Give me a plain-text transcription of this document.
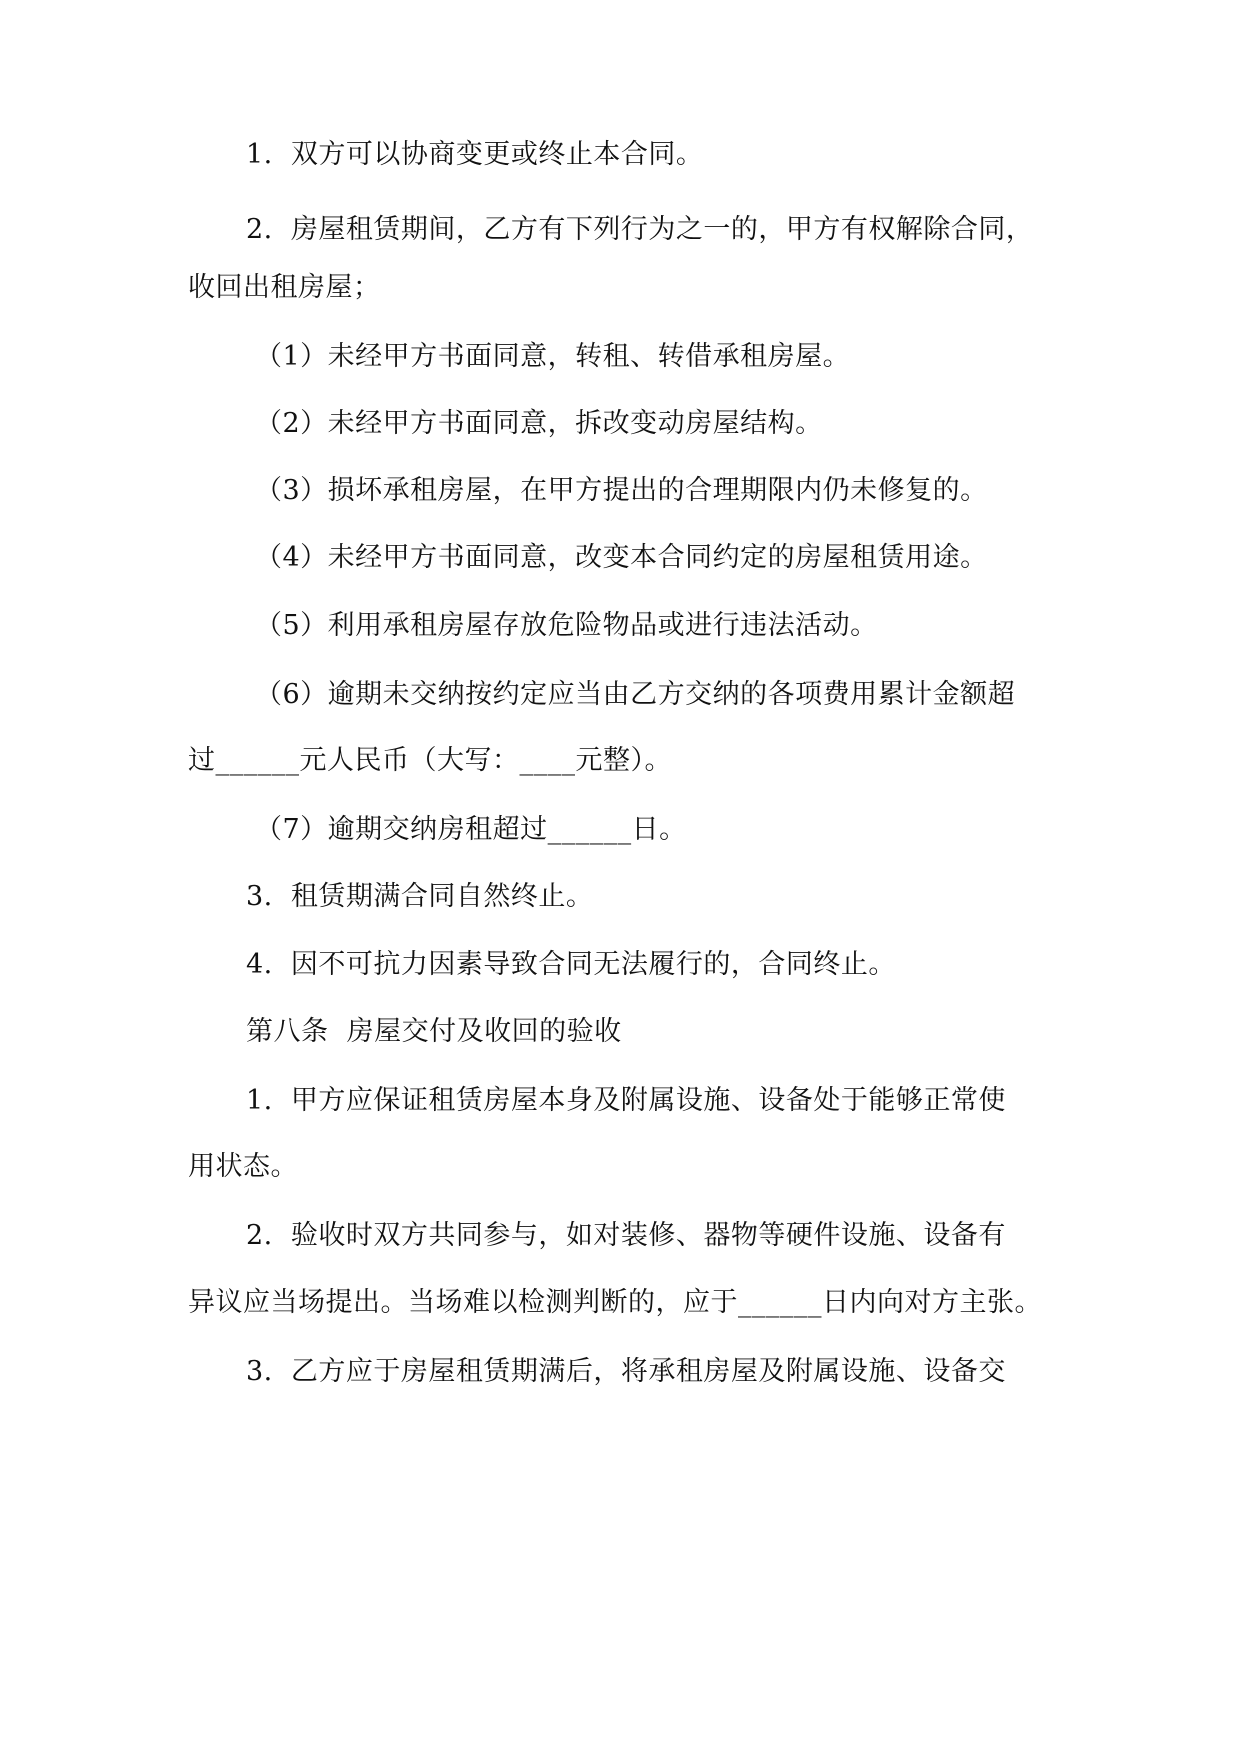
1.  双方可以协商变更或终止本合同。

2.  房屋租赁期间，乙方有下列行为之一的，甲方有权解除合同，

收回出租房屋；

（1）未经甲方书面同意，转租、转借承租房屋。

（2）未经甲方书面同意，拆改变动房屋结构。

（3）损坏承租房屋，在甲方提出的合理期限内仍未修复的。

（4）未经甲方书面同意，改变本合同约定的房屋租赁用途。

（5）利用承租房屋存放危险物品或进行违法活动。

（6）逾期未交纳按约定应当由乙方交纳的各项费用累计金额超

过______元人民币（大写：____元整）。

（7）逾期交纳房租超过______日。

3.  租赁期满合同自然终止。

4.  因不可抗力因素导致合同无法履行的，合同终止。

第八条  房屋交付及收回的验收

1.  甲方应保证租赁房屋本身及附属设施、设备处于能够正常使

用状态。

2.  验收时双方共同参与，如对装修、器物等硬件设施、设备有

异议应当场提出。当场难以检测判断的，应于______日内向对方主张。

3.  乙方应于房屋租赁期满后，将承租房屋及附属设施、设备交
